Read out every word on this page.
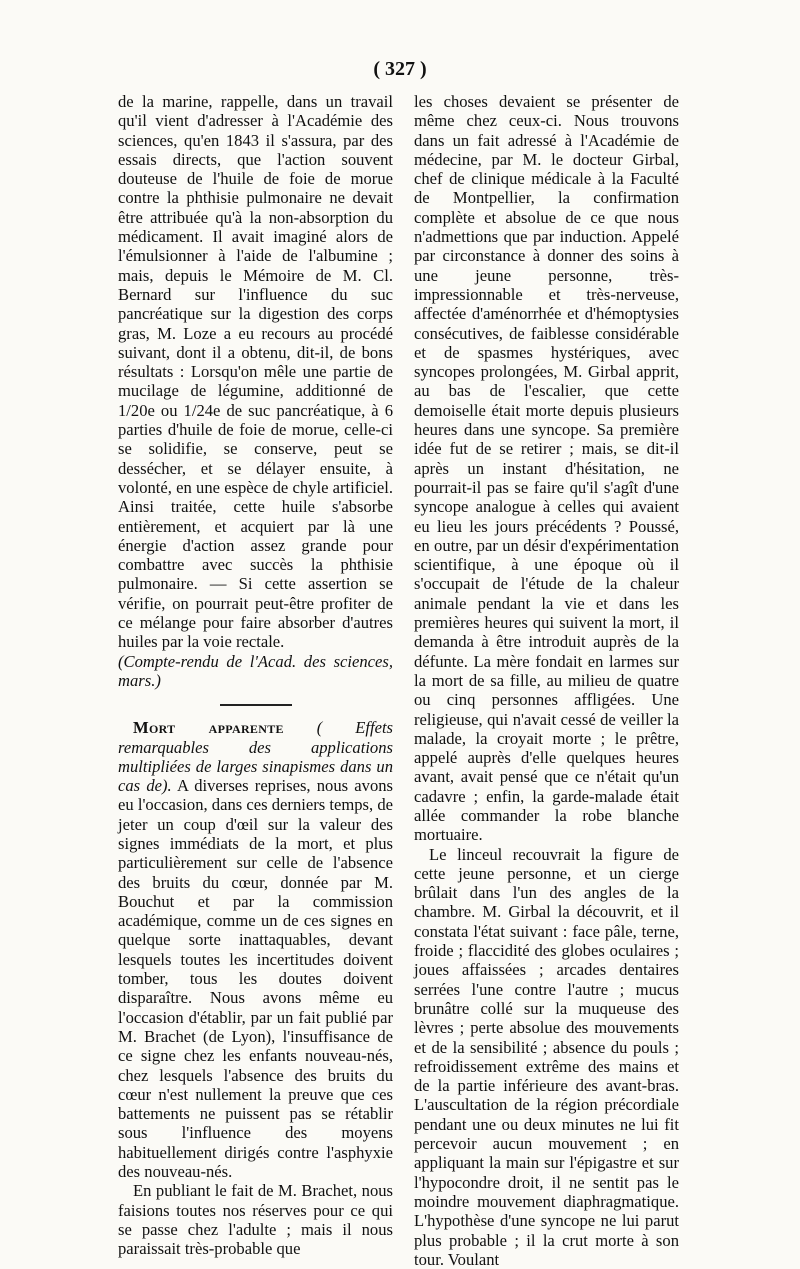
( 327 )

de la marine, rappelle, dans un travail qu'il vient d'adresser à l'Académie des sciences, qu'en 1843 il s'assura, par des essais directs, que l'action souvent douteuse de l'huile de foie de morue contre la phthisie pulmonaire ne devait être attribuée qu'à la non-absorption du médicament. Il avait imaginé alors de l'émulsionner à l'aide de l'albumine ; mais, depuis le Mémoire de M. Cl. Bernard sur l'influence du suc pancréatique sur la digestion des corps gras, M. Loze a eu recours au procédé suivant, dont il a obtenu, dit-il, de bons résultats : Lorsqu'on mêle une partie de mucilage de légumine, additionné de 1/20e ou 1/24e de suc pancréatique, à 6 parties d'huile de foie de morue, celle-ci se solidifie, se conserve, peut se dessécher, et se délayer ensuite, à volonté, en une espèce de chyle artificiel. Ainsi traitée, cette huile s'absorbe entièrement, et acquiert par là une énergie d'action assez grande pour combattre avec succès la phthisie pulmonaire. — Si cette assertion se vérifie, on pourrait peut-être profiter de ce mélange pour faire absorber d'autres huiles par la voie rectale.

(Compte-rendu de l'Acad. des sciences, mars.)

Mort apparente ( Effets remarquables des applications multipliées de larges sinapismes dans un cas de). A diverses reprises, nous avons eu l'occasion, dans ces derniers temps, de jeter un coup d'œil sur la valeur des signes immédiats de la mort, et plus particulièrement sur celle de l'absence des bruits du cœur, donnée par M. Bouchut et par la commission académique, comme un de ces signes en quelque sorte inattaquables, devant lesquels toutes les incertitudes doivent tomber, tous les doutes doivent disparaître. Nous avons même eu l'occasion d'établir, par un fait publié par M. Brachet (de Lyon), l'insuffisance de ce signe chez les enfants nouveau-nés, chez lesquels l'absence des bruits du cœur n'est nullement la preuve que ces battements ne puissent pas se rétablir sous l'influence des moyens habituellement dirigés contre l'asphyxie des nouveau-nés.

En publiant le fait de M. Brachet, nous faisions toutes nos réserves pour ce qui se passe chez l'adulte ; mais il nous paraissait très-probable que

les choses devaient se présenter de même chez ceux-ci. Nous trouvons dans un fait adressé à l'Académie de médecine, par M. le docteur Girbal, chef de clinique médicale à la Faculté de Montpellier, la confirmation complète et absolue de ce que nous n'admettions que par induction. Appelé par circonstance à donner des soins à une jeune personne, très-impressionnable et très-nerveuse, affectée d'aménorrhée et d'hémoptysies consécutives, de faiblesse considérable et de spasmes hystériques, avec syncopes prolongées, M. Girbal apprit, au bas de l'escalier, que cette demoiselle était morte depuis plusieurs heures dans une syncope. Sa première idée fut de se retirer ; mais, se dit-il après un instant d'hésitation, ne pourrait-il pas se faire qu'il s'agît d'une syncope analogue à celles qui avaient eu lieu les jours précédents ? Poussé, en outre, par un désir d'expérimentation scientifique, à une époque où il s'occupait de l'étude de la chaleur animale pendant la vie et dans les premières heures qui suivent la mort, il demanda à être introduit auprès de la défunte. La mère fondait en larmes sur la mort de sa fille, au milieu de quatre ou cinq personnes affligées. Une religieuse, qui n'avait cessé de veiller la malade, la croyait morte ; le prêtre, appelé auprès d'elle quelques heures avant, avait pensé que ce n'était qu'un cadavre ; enfin, la garde-malade était allée commander la robe blanche mortuaire.

Le linceul recouvrait la figure de cette jeune personne, et un cierge brûlait dans l'un des angles de la chambre. M. Girbal la découvrit, et il constata l'état suivant : face pâle, terne, froide ; flaccidité des globes oculaires ; joues affaissées ; arcades dentaires serrées l'une contre l'autre ; mucus brunâtre collé sur la muqueuse des lèvres ; perte absolue des mouvements et de la sensibilité ; absence du pouls ; refroidissement extrême des mains et de la partie inférieure des avant-bras. L'auscultation de la région précordiale pendant une ou deux minutes ne lui fit percevoir aucun mouvement ; en appliquant la main sur l'épigastre et sur l'hypocondre droit, il ne sentit pas le moindre mouvement diaphragmatique. L'hypothèse d'une syncope ne lui parut plus probable ; il la crut morte à son tour. Voulant
